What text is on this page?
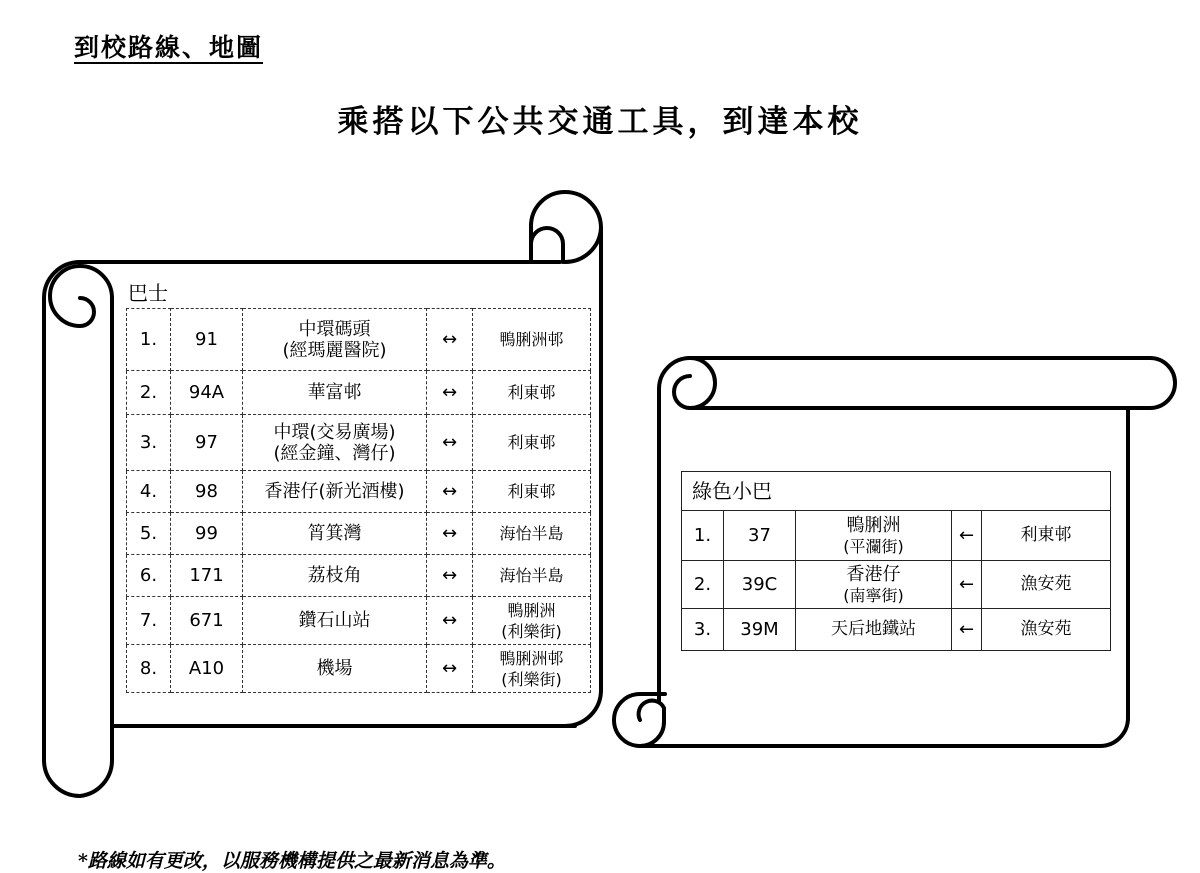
到校路線、地圖
乘搭以下公共交通工具，到達本校
巴士
1.	91	中環碼頭
(經瑪麗醫院)	↔	鴨脷洲邨
2.	94A	華富邨	↔	利東邨
3.	97	中環(交易廣場)
(經金鐘、灣仔)	↔	利東邨
4.	98	香港仔(新光酒樓)	↔	利東邨
5.	99	筲箕灣	↔	海怡半島
6.	171	荔枝角	↔	海怡半島
7.	671	鑽石山站	↔	鴨脷洲
(利樂街)
8.	A10	機場	↔	鴨脷洲邨
(利樂街)
綠色小巴				
1.	37	鴨脷洲
(平瀾街)	←	利東邨
2.	39C	香港仔
(南寧街)	←	漁安苑
3.	39M	天后地鐵站	←	漁安苑
*路線如有更改，以服務機構提供之最新消息為準。
